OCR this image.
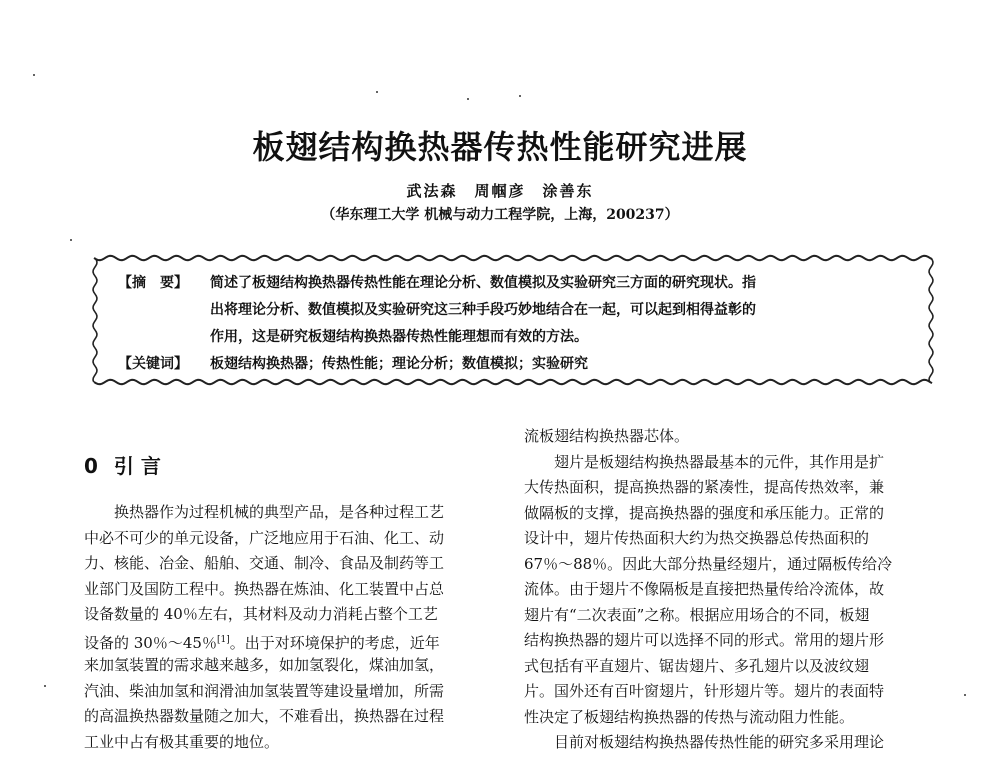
板翅结构换热器传热性能研究进展
武法森　周帼彦　涂善东
（华东理工大学 机械与动力工程学院，上海，200237）
【摘　要】 简述了板翅结构换热器传热性能在理论分析、数值模拟及实验研究三方面的研究现状。指
出将理论分析、数值模拟及实验研究这三种手段巧妙地结合在一起，可以起到相得益彰的
作用，这是研究板翅结构换热器传热性能理想而有效的方法。
【关键词】 板翅结构换热器；传热性能；理论分析；数值模拟；实验研究
0 引 言
换热器作为过程机械的典型产品，是各种过程工艺
中必不可少的单元设备，广泛地应用于石油、化工、动
力、核能、冶金、船舶、交通、制冷、食品及制药等工
业部门及国防工程中。换热器在炼油、化工装置中占总
设备数量的 40％左右，其材料及动力消耗占整个工艺
设备的 30％～45％[1]。出于对环境保护的考虑，近年
来加氢装置的需求越来越多，如加氢裂化，煤油加氢，
汽油、柴油加氢和润滑油加氢装置等建设量增加，所需
的高温换热器数量随之加大，不难看出，换热器在过程
工业中占有极其重要的地位。
流板翅结构换热器芯体。
翅片是板翅结构换热器最基本的元件，其作用是扩
大传热面积，提高换热器的紧凑性，提高传热效率，兼
做隔板的支撑，提高换热器的强度和承压能力。正常的
设计中，翅片传热面积大约为热交换器总传热面积的
67％～88％。因此大部分热量经翅片，通过隔板传给冷
流体。由于翅片不像隔板是直接把热量传给冷流体，故
翅片有“二次表面”之称。根据应用场合的不同，板翅
结构换热器的翅片可以选择不同的形式。常用的翅片形
式包括有平直翅片、锯齿翅片、多孔翅片以及波纹翅
片。国外还有百叶窗翅片，针形翅片等。翅片的表面特
性决定了板翅结构换热器的传热与流动阻力性能。
目前对板翅结构换热器传热性能的研究多采用理论
